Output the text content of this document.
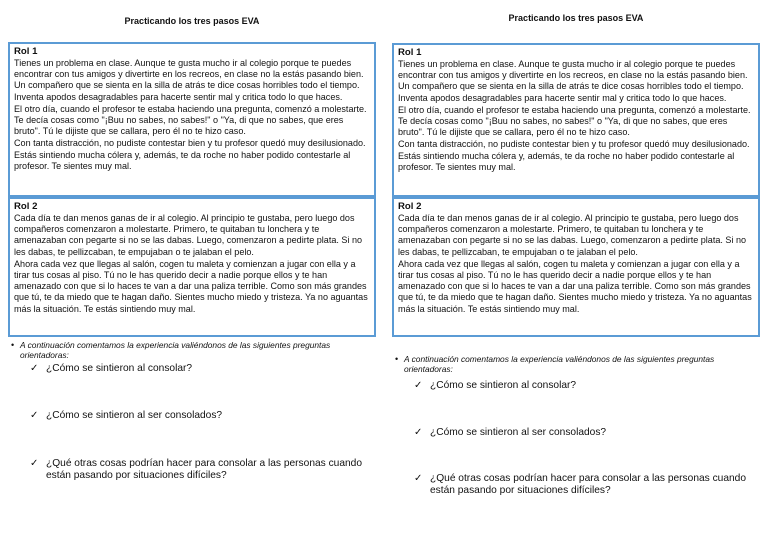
Practicando los tres pasos EVA
Rol 1

Tienes un problema en clase. Aunque te gusta mucho ir al colegio porque te puedes encontrar con tus amigos y divertirte en los recreos, en clase no la estás pasando bien. Un compañero que se sienta en la silla de atrás te dice cosas horribles todo el tiempo. Inventa apodos desagradables para hacerte sentir mal y critica todo lo que haces.

El otro día, cuando el profesor te estaba haciendo una pregunta, comenzó a molestarte. Te decía cosas como "¡Buu no sabes, no sabes!" o "Ya, di que no sabes, que eres bruto". Tú le dijiste que se callara, pero él no te hizo caso.

Con tanta distracción, no pudiste contestar bien y tu profesor quedó muy desilusionado. Estás sintiendo mucha cólera y, además, te da roche no haber podido contestarle al profesor. Te sientes muy mal.

Rol 2

Cada día te dan menos ganas de ir al colegio. Al principio te gustaba, pero luego dos compañeros comenzaron a molestarte. Primero, te quitaban tu lonchera y te amenazaban con pegarte si no se las dabas. Luego, comenzaron a pedirte plata. Si no les dabas, te pellizcaban, te empujaban o te jalaban el pelo.

Ahora cada vez que llegas al salón, cogen tu maleta y comienzan a jugar con ella y a tirar tus cosas al piso. Tú no le has querido decir a nadie porque ellos y te han amenazado con que si lo haces te van a dar una paliza terrible. Como son más grandes que tú, te da miedo que te hagan daño. Sientes mucho miedo y tristeza. Ya no aguantas más la situación. Te estás sintiendo muy mal.

• A continuación comentamos la experiencia valiéndonos de las siguientes preguntas orientadoras:
✓ ¿Cómo se sintieron al consolar?
✓ ¿Cómo se sintieron al ser consolados?
✓ ¿Qué otras cosas podrían hacer para consolar a las personas cuando están pasando por situaciones difíciles?
Practicando los tres pasos EVA
Rol 1

Tienes un problema en clase. Aunque te gusta mucho ir al colegio porque te puedes encontrar con tus amigos y divertirte en los recreos, en clase no la estás pasando bien. Un compañero que se sienta en la silla de atrás te dice cosas horribles todo el tiempo. Inventa apodos desagradables para hacerte sentir mal y critica todo lo que haces.

El otro día, cuando el profesor te estaba haciendo una pregunta, comenzó a molestarte. Te decía cosas como "¡Buu no sabes, no sabes!" o "Ya, di que no sabes, que eres bruto". Tú le dijiste que se callara, pero él no te hizo caso.

Con tanta distracción, no pudiste contestar bien y tu profesor quedó muy desilusionado. Estás sintiendo mucha cólera y, además, te da roche no haber podido contestarle al profesor. Te sientes muy mal.

Rol 2

Cada día te dan menos ganas de ir al colegio. Al principio te gustaba, pero luego dos compañeros comenzaron a molestarte. Primero, te quitaban tu lonchera y te amenazaban con pegarte si no se las dabas. Luego, comenzaron a pedirte plata. Si no les dabas, te pellizcaban, te empujaban o te jalaban el pelo.

Ahora cada vez que llegas al salón, cogen tu maleta y comienzan a jugar con ella y a tirar tus cosas al piso. Tú no le has querido decir a nadie porque ellos y te han amenazado con que si lo haces te van a dar una paliza terrible. Como son más grandes que tú, te da miedo que te hagan daño. Sientes mucho miedo y tristeza. Ya no aguantas más la situación. Te estás sintiendo muy mal.

• A continuación comentamos la experiencia valiéndonos de las siguientes preguntas orientadoras:
✓ ¿Cómo se sintieron al consolar?
✓ ¿Cómo se sintieron al ser consolados?
✓ ¿Qué otras cosas podrían hacer para consolar a las personas cuando están pasando por situaciones difíciles?
